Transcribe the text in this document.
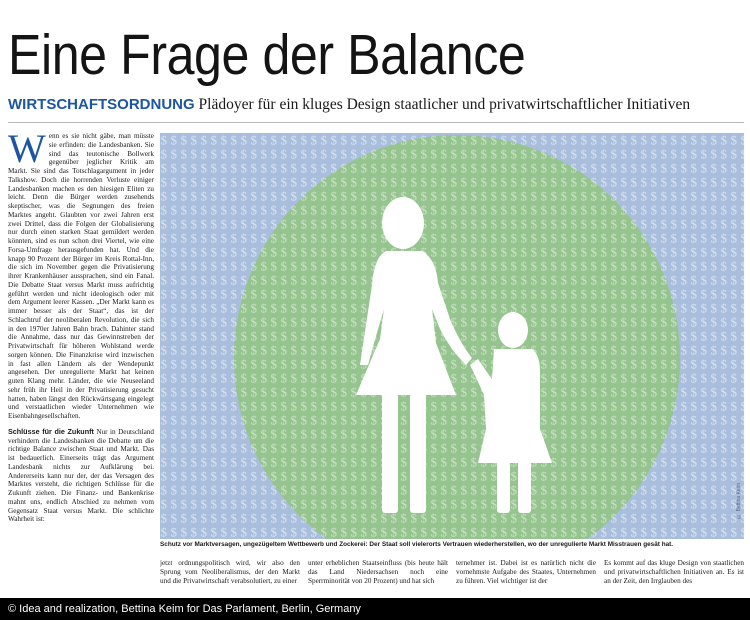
Eine Frage der Balance
WIRTSCHAFTSORDNUNG Plädoyer für ein kluges Design staatlicher und privatwirtschaftlicher Initiativen

Wenn es sie nicht gäbe, man müsste sie erfinden: die Landesbanken. Sie sind das teutonische Bollwerk gegenüber jeglicher Kritik am Markt. Sie sind das Totschlagargument in jeder Talkshow. Doch die horrenden Verluste einiger Landesbanken machen es den hiesigen Eliten zu leicht. Denn die Bürger werden zusehends skeptischer, was die Segnungen des freien Marktes angeht. Glaubten vor zwei Jahren erst zwei Drittel, dass die Folgen der Globalisierung nur durch einen starken Staat gemildert werden könnten, sind es nun schon drei Viertel, wie eine Forsa-Umfrage herausgefunden hat. Und die knapp 90 Prozent der Bürger im Kreis Rottal-Inn, die sich im November gegen die Privatisierung ihrer Krankenhäuser aussprachen, sind ein Fanal. Die Debatte Staat versus Markt muss aufrichtig geführt werden und nicht ideologisch oder mit dem Argument leerer Kassen. „Der Markt kann es immer besser als der Staat“, das ist der Schlachtruf der neoliberalen Revolution, die sich in den 1970er Jahren Bahn brach. Dahinter stand die Annahme, dass nur das Gewinnstreben der Privatwirtschaft für höheren Wohlstand werde sorgen können. Die Finanzkrise wird inzwischen in fast allen Ländern als der Wendepunkt angesehen. Der unregulierte Markt hat keinen guten Klang mehr. Länder, die wie Neuseeland sehr früh ihr Heil in der Privatisierung gesucht hatten, haben längst den Rückwärtsgang eingelegt und verstaatlichen wieder Unternehmen wie Eisenbahngesellschaften.

Schlüsse für die Zukunft Nur in Deutschland verhindern die Landesbanken die Debatte um die richtige Balance zwischen Staat und Markt. Das ist bedauerlich. Einerseits trägt das Argument Landesbank nichts zur Aufklärung bei. Andererseits kann nur der, der das Versagen des Marktes versteht, die richtigen Schlüsse für die Zukunft ziehen. Die Finanz- und Bankenkrise mahnt uns, endlich Abschied zu nehmen vom Gegensatz Staat versus Markt. Die schlichte Wahrheit ist:

© Bettina Keim

Schutz vor Marktversagen, ungezügeltem Wettbewerb und Zockerei: Der Staat soll vielerorts Vertrauen wiederherstellen, wo der unregulierte Markt Misstrauen gesät hat.

jetzt ordnungspolitisch wird, wir also den Sprung vom Neoliberalismus, der den Markt und die Privatwirtschaft verabsolutiert, zu einer
unter erheblichen Staatseinfluss (bis heute hält das Land Niedersachsen noch eine Sperrminorität von 20 Prozent) und hat sich
ternehmer ist. Dabei ist es natürlich nicht die vornehmste Aufgabe des Staates, Unternehmen zu führen. Viel wichtiger ist der
Es kommt auf das kluge Design von staatlichen und privatwirtschaftlichen Initiativen an. Es ist an der Zeit, den Irrglauben des
© Idea and realization, Bettina Keim for Das Parlament, Berlin, Germany
